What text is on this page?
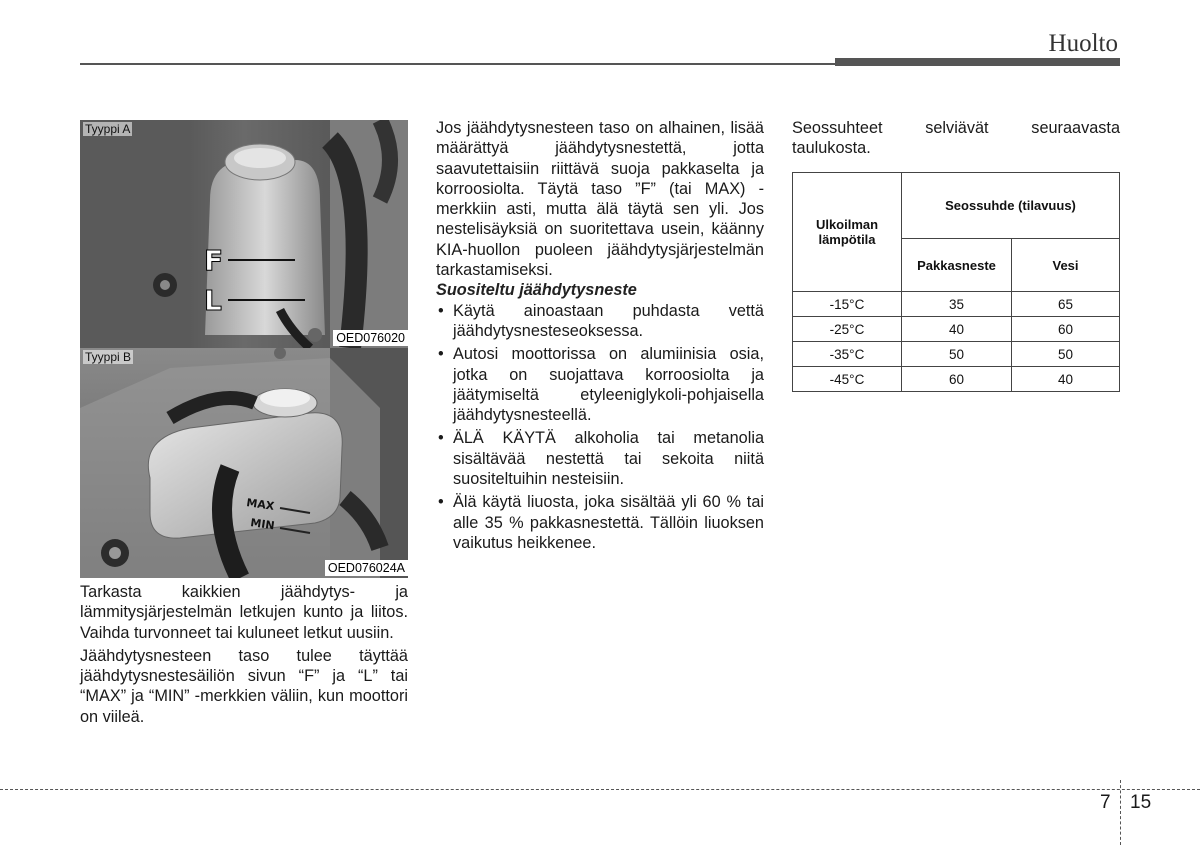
Huolto
F
L
Tyyppi A
OED076020
MAX
MIN
Tyyppi B
OED076024A

Tarkasta kaikkien jäähdytys- ja lämmitysjärjestelmän letkujen kunto ja liitos. Vaihda turvonneet tai kuluneet letkut uusiin.

Jäähdytysnesteen taso tulee täyttää jäähdytysnestesäiliön sivun “F” ja “L” tai “MAX” ja “MIN” -merkkien väliin, kun moottori on viileä.

Jos jäähdytysnesteen taso on alhainen, lisää määrättyä jäähdytysnestettä, jotta saavutettaisiin riittävä suoja pakkaselta ja korroosiolta. Täytä taso ”F” (tai MAX) -merkkiin asti, mutta älä täytä sen yli. Jos nestelisäyksiä on suoritettava usein, käänny KIA-huollon puoleen jäähdytysjärjestelmän tarkastamiseksi.

Suositeltu jäähdytysneste

• Käytä ainoastaan puhdasta vettä jäähdytysnesteseoksessa.
• Autosi moottorissa on alumiinisia osia, jotka on suojattava korroosiolta ja jäätymiseltä etyleeniglykoli-pohjaisella jäähdytysnesteellä.
• ÄLÄ KÄYTÄ alkoholia tai metanolia sisältävää nestettä tai sekoita niitä suositeltuihin nesteisiin.
• Älä käytä liuosta, joka sisältää yli 60 % tai alle 35 % pakkasnestettä. Tällöin liuoksen vaikutus heikkenee.

Seossuhteet selviävät seuraavasta taulukosta.

Ulkoilman lämpötila	Seossuhde (tilavuus)	
	Pakkasneste	Vesi
-15°C	35	65
-25°C	40	60
-35°C	50	50
-45°C	60	40
7 15
